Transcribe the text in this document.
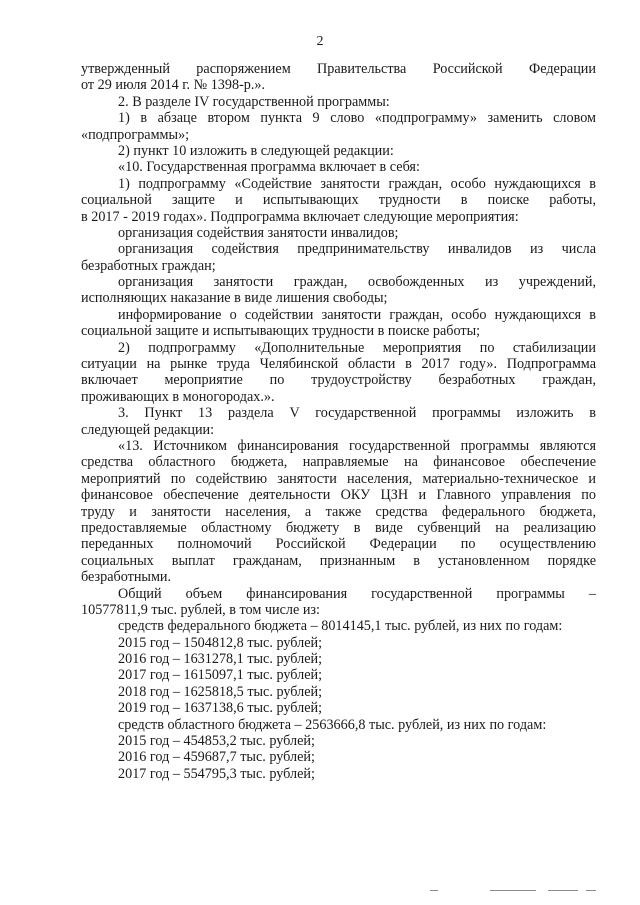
2
утвержденный распоряжением Правительства Российской Федерации
от 29 июля 2014 г. № 1398-р.».
2. В разделе IV государственной программы:
1) в абзаце втором пункта 9 слово «подпрограмму» заменить словом
«подпрограммы»;
2) пункт 10 изложить в следующей редакции:
«10. Государственная программа включает в себя:
1) подпрограмму «Содействие занятости граждан, особо нуждающихся в
социальной защите и испытывающих трудности в поиске работы,
в 2017 - 2019 годах». Подпрограмма включает следующие мероприятия:
организация содействия занятости инвалидов;
организация содействия предпринимательству инвалидов из числа
безработных граждан;
организация занятости граждан, освобожденных из учреждений,
исполняющих наказание в виде лишения свободы;
информирование о содействии занятости граждан, особо нуждающихся в
социальной защите и испытывающих трудности в поиске работы;
2) подпрограмму «Дополнительные мероприятия по стабилизации
ситуации на рынке труда Челябинской области в 2017 году». Подпрограмма
включает мероприятие по трудоустройству безработных граждан,
проживающих в моногородах.».
3. Пункт 13 раздела V государственной программы изложить в
следующей редакции:
«13. Источником финансирования государственной программы являются
средства областного бюджета, направляемые на финансовое обеспечение
мероприятий по содействию занятости населения, материально-техническое и
финансовое обеспечение деятельности ОКУ ЦЗН и Главного управления по
труду и занятости населения, а также средства федерального бюджета,
предоставляемые областному бюджету в виде субвенций на реализацию
переданных полномочий Российской Федерации по осуществлению
социальных выплат гражданам, признанным в установленном порядке
безработными.
Общий объем финансирования государственной программы –
10577811,9 тыс. рублей, в том числе из:
средств федерального бюджета – 8014145,1 тыс. рублей, из них по годам:
2015 год – 1504812,8 тыс. рублей;
2016 год – 1631278,1 тыс. рублей;
2017 год – 1615097,1 тыс. рублей;
2018 год – 1625818,5 тыс. рублей;
2019 год – 1637138,6 тыс. рублей;
средств областного бюджета – 2563666,8 тыс. рублей, из них по годам:
2015 год – 454853,2 тыс. рублей;
2016 год – 459687,7 тыс. рублей;
2017 год – 554795,3 тыс. рублей;
